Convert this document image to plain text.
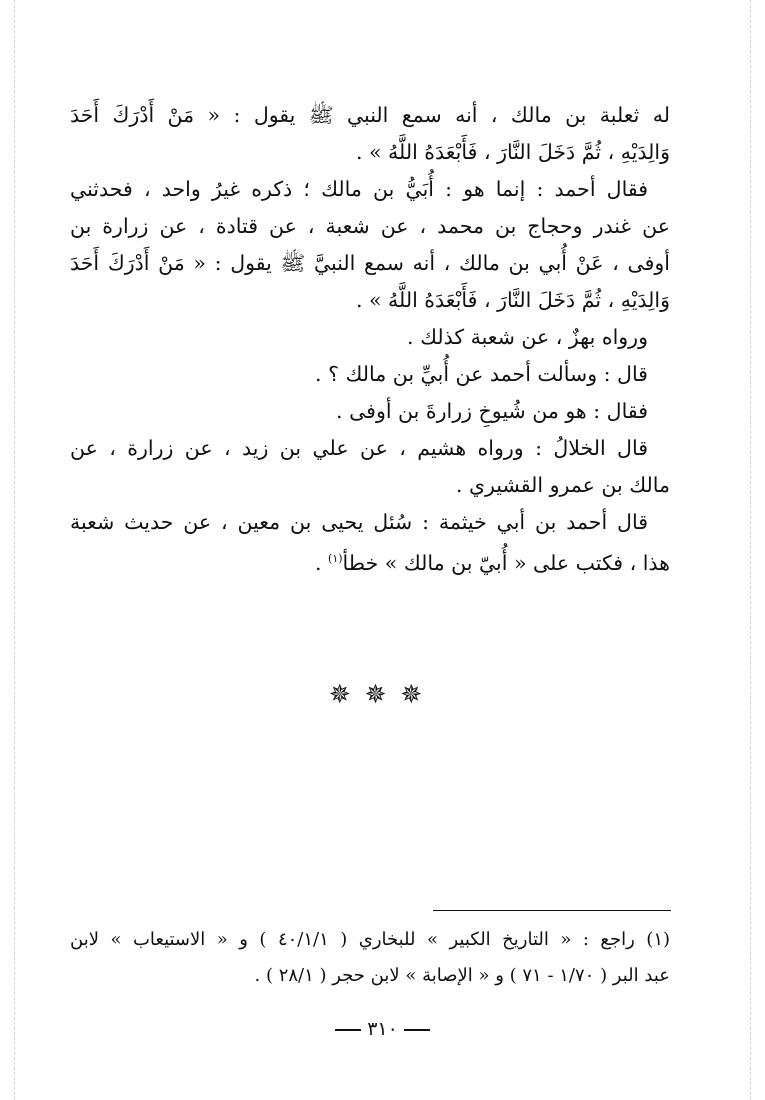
له ثعلبة بن مالك ، أنه سمع النبي ﷺ يقول : « مَنْ أَدْرَكَ أَحَدَ

وَالِدَيْهِ ، ثُمَّ دَخَلَ النَّارَ ، فَأَبْعَدَهُ اللَّهُ » .

فقال أحمد : إنما هو : أُبَيُّ بن مالك ؛ ذكره غيرُ واحد ، فحدثني

عن غندر وحجاج بن محمد ، عن شعبة ، عن قتادة ، عن زرارة بن

أوفى ، عَنْ أُبي بن مالك ، أنه سمع النبيَّ ﷺ يقول : « مَنْ أَدْرَكَ أَحَدَ

وَالِدَيْهِ ، ثُمَّ دَخَلَ النَّارَ ، فَأَبْعَدَهُ اللَّهُ » .

ورواه بهزٌ ، عن شعبة كذلك .

قال : وسألت أحمد عن أُبيِّ بن مالك ؟ .

فقال : هو من شُيوخِ زرارةَ بن أوفى .

قال الخلالُ : ورواه هشيم ، عن علي بن زيد ، عن زرارة ، عن

مالك بن عمرو القشيري .

قال أحمد بن أبي خيثمة : سُئل يحيى بن معين ، عن حديث شعبة

هذا ، فكتب على « أُبيّ بن مالك » خطأ$^{(١)}$ .

✵✵✵

(١) راجع : « التاريخ الكبير » للبخاري ( ٤٠/١/١ ) و « الاستيعاب » لابن

عبد البر ( ١/٧٠ - ٧١ ) و « الإصابة » لابن حجر ( ٢٨/١ ) .

٣١٠
